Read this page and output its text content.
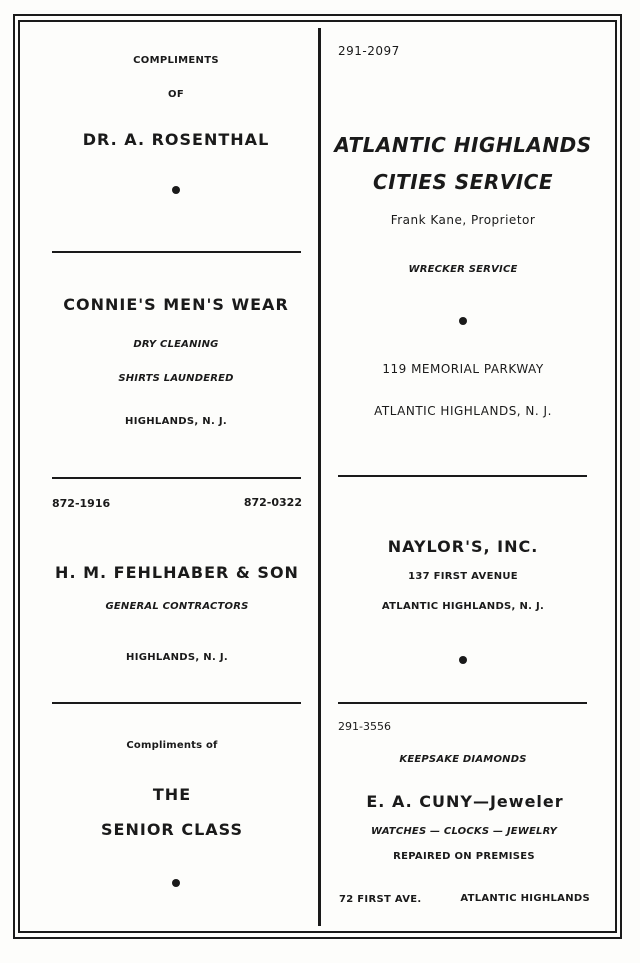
COMPLIMENTS
OF
DR. A. ROSENTHAL
CONNIE'S MEN'S WEAR
DRY CLEANING
SHIRTS LAUNDERED
HIGHLANDS, N. J.
872-1916	872-0322
H. M. FEHLHABER & SON
GENERAL CONTRACTORS
HIGHLANDS, N. J.
Compliments of
THE
SENIOR CLASS
291-2097
ATLANTIC HIGHLANDS
CITIES SERVICE
Frank Kane, Proprietor
WRECKER SERVICE
119 MEMORIAL PARKWAY
ATLANTIC HIGHLANDS, N. J.
NAYLOR'S, INC.
137 FIRST AVENUE
ATLANTIC HIGHLANDS, N. J.
291-3556
KEEPSAKE DIAMONDS
E. A. CUNY—Jeweler
WATCHES — CLOCKS — JEWELRY
REPAIRED ON PREMISES
72 FIRST AVE.	ATLANTIC HIGHLANDS
